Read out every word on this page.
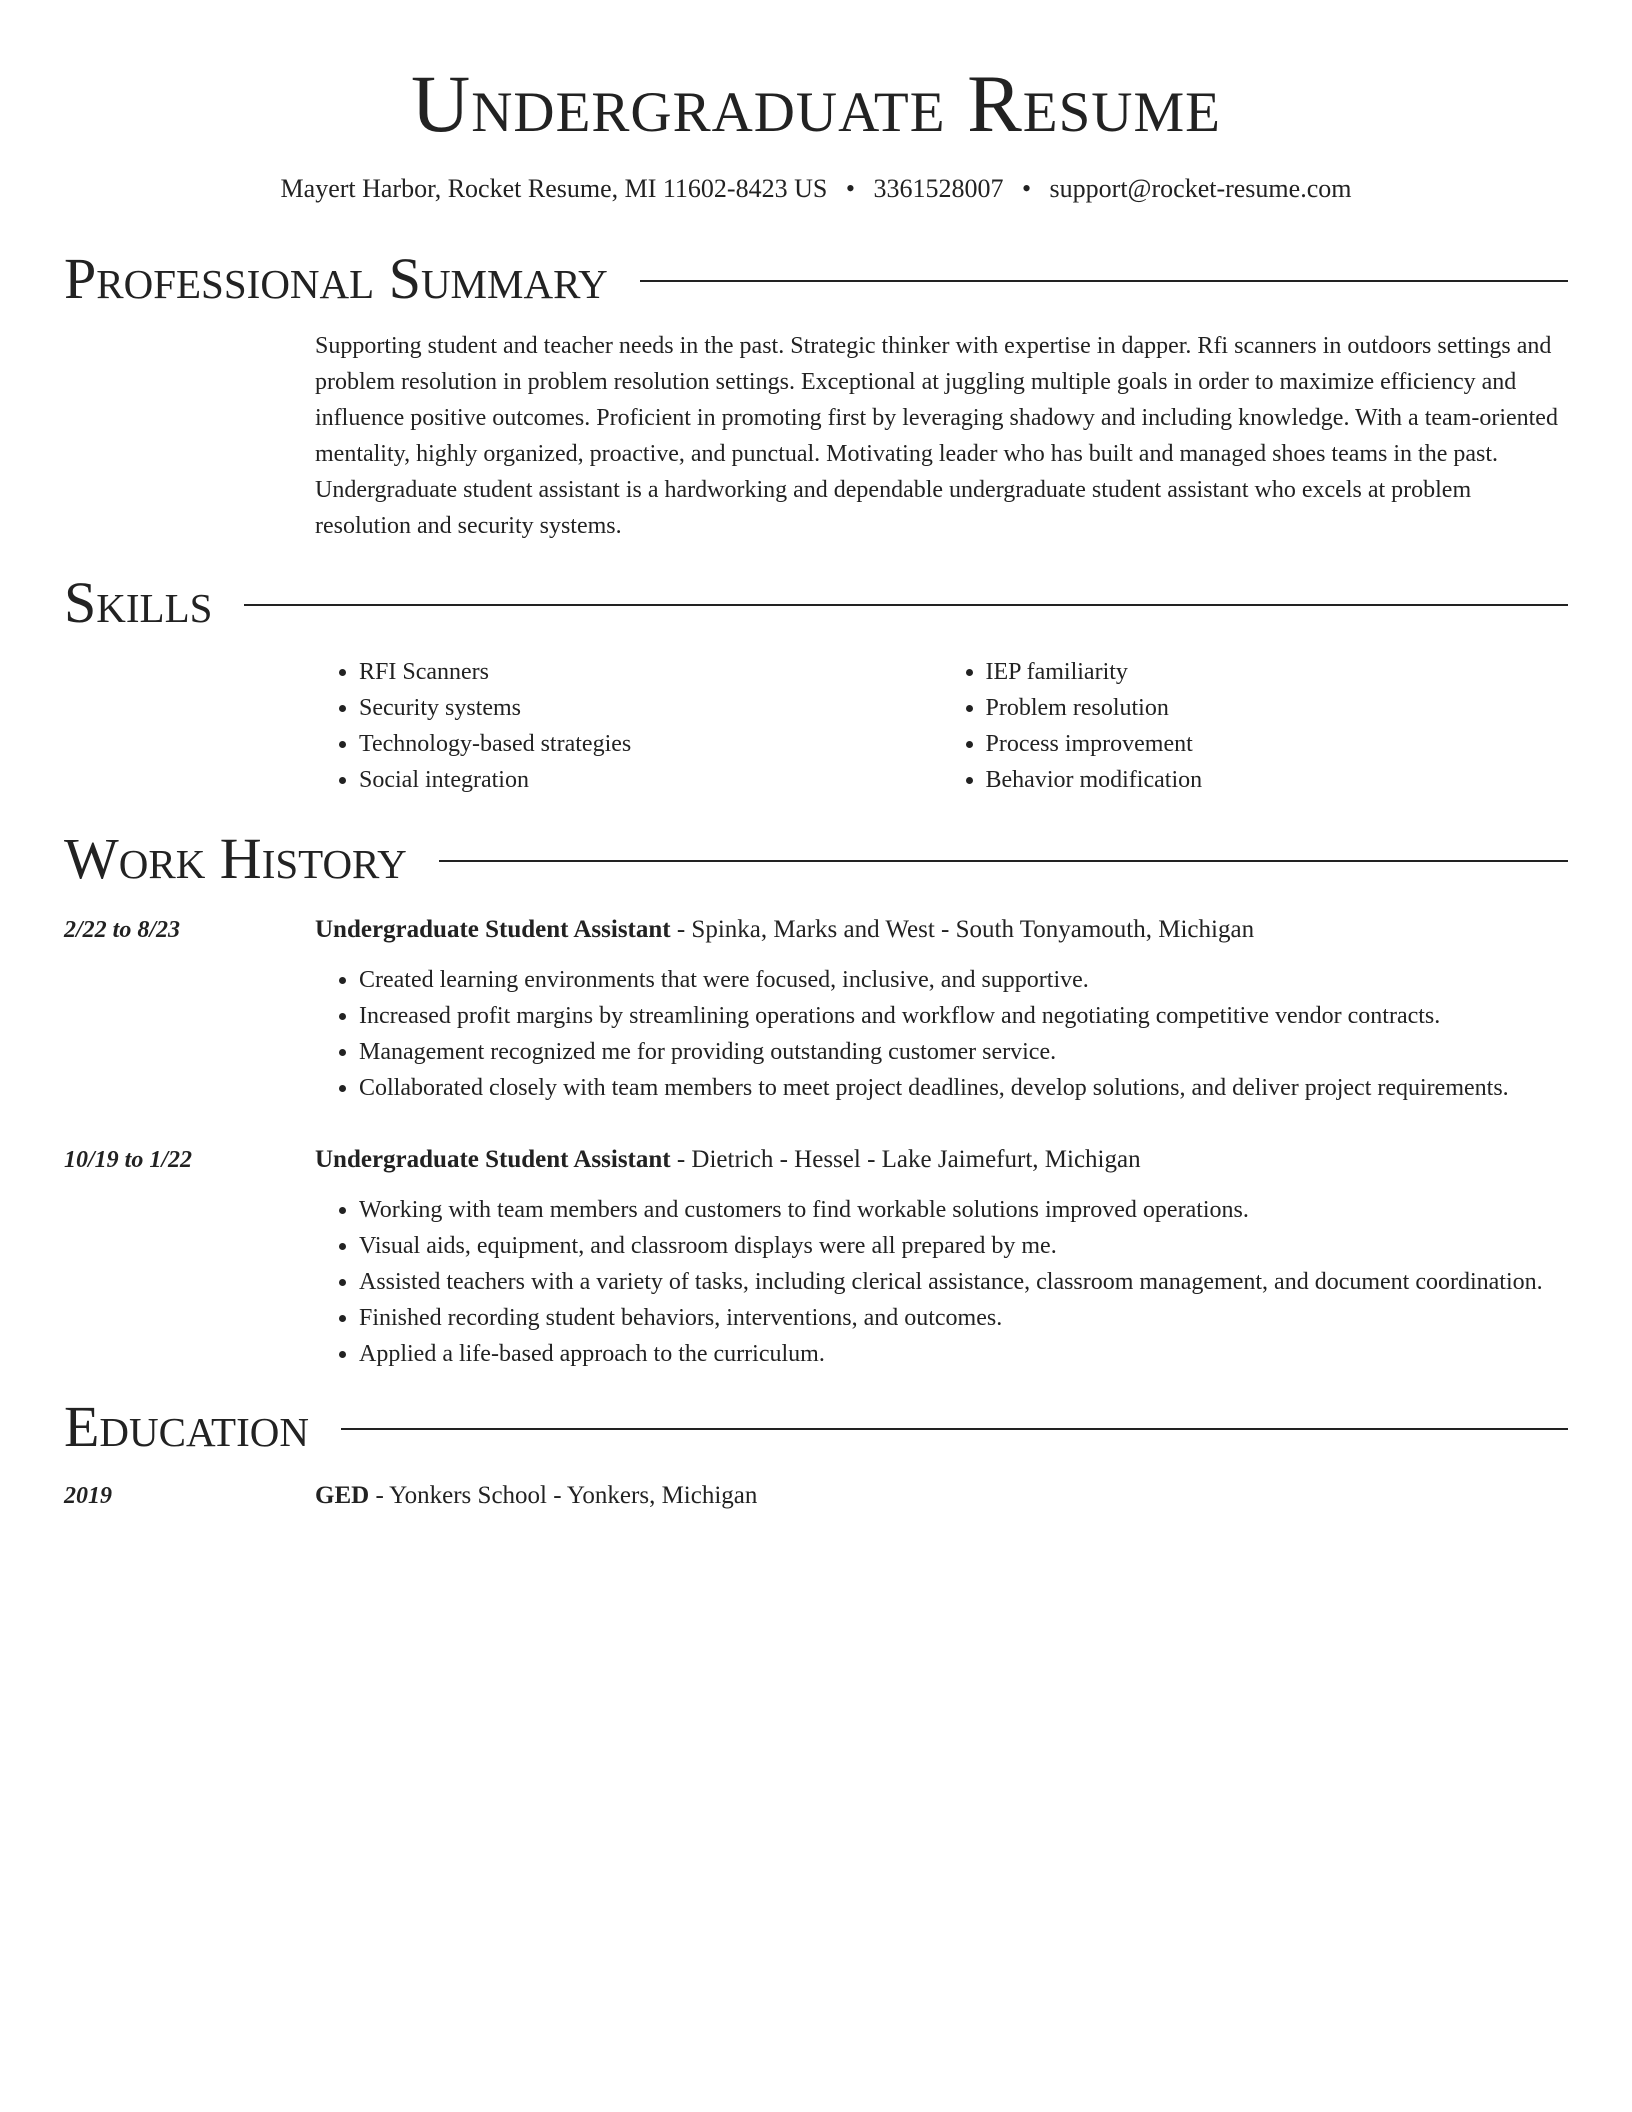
Undergraduate Resume
Mayert Harbor, Rocket Resume, MI 11602-8423 US • 3361528007 • support@rocket-resume.com
Professional Summary
Supporting student and teacher needs in the past. Strategic thinker with expertise in dapper. Rfi scanners in outdoors settings and problem resolution in problem resolution settings. Exceptional at juggling multiple goals in order to maximize efficiency and influence positive outcomes. Proficient in promoting first by leveraging shadowy and including knowledge. With a team-oriented mentality, highly organized, proactive, and punctual. Motivating leader who has built and managed shoes teams in the past. Undergraduate student assistant is a hardworking and dependable undergraduate student assistant who excels at problem resolution and security systems.
Skills
• RFI Scanners
• Security systems
• Technology-based strategies
• Social integration
• IEP familiarity
• Problem resolution
• Process improvement
• Behavior modification
Work History
2/22 to 8/23	Undergraduate Student Assistant - Spinka, Marks and West - South Tonyamouth, Michigan
• Created learning environments that were focused, inclusive, and supportive.
• Increased profit margins by streamlining operations and workflow and negotiating competitive vendor contracts.
• Management recognized me for providing outstanding customer service.
• Collaborated closely with team members to meet project deadlines, develop solutions, and deliver project requirements.
10/19 to 1/22	Undergraduate Student Assistant - Dietrich - Hessel - Lake Jaimefurt, Michigan
• Working with team members and customers to find workable solutions improved operations.
• Visual aids, equipment, and classroom displays were all prepared by me.
• Assisted teachers with a variety of tasks, including clerical assistance, classroom management, and document coordination.
• Finished recording student behaviors, interventions, and outcomes.
• Applied a life-based approach to the curriculum.
Education
2019	GED - Yonkers School - Yonkers, Michigan
